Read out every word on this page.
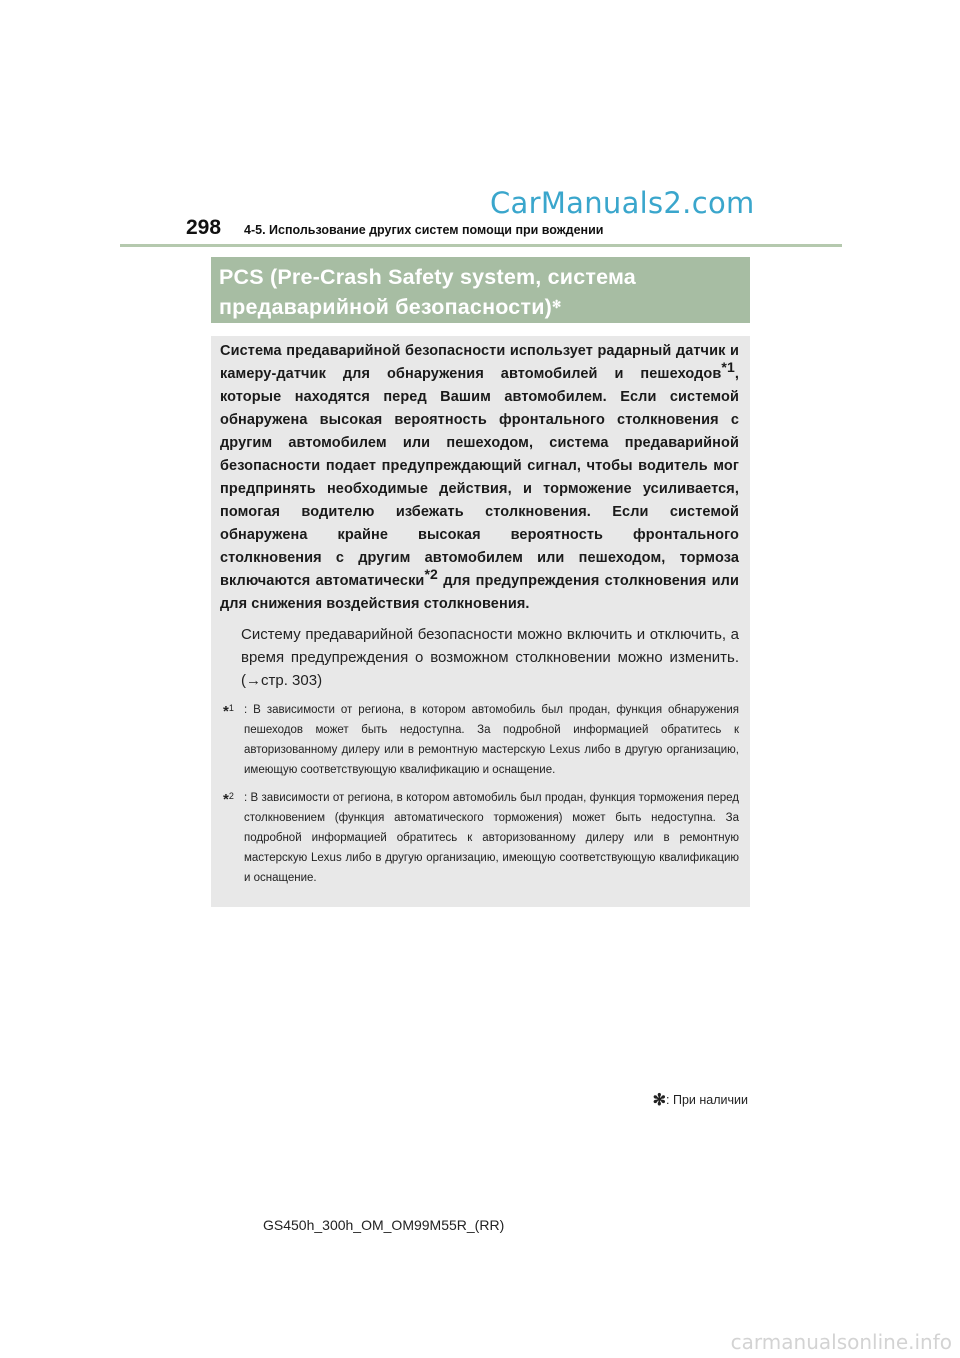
CarManuals2.com
298 4-5. Использование других систем помощи при вождении
PCS (Pre-Crash Safety system, система предаварийной безопасности)✻

Система предаварийной безопасности использует радарный датчик и камеру-датчик для обнаружения автомобилей и пешеходов*1, которые находятся перед Вашим автомобилем. Если системой обнаружена высокая вероятность фронтального столкновения с другим автомобилем или пешеходом, система предаварийной безопасности подает предупреждающий сигнал, чтобы водитель мог предпринять необходимые действия, и торможение усиливается, помогая водителю избежать столкновения. Если системой обнаружена крайне высокая вероятность фронтального столкновения с другим автомобилем или пешеходом, тормоза включаются автоматически*2 для предупреждения столкновения или для снижения воздействия столкновения.

Систему предаварийной безопасности можно включить и отключить, а время предупреждения о возможном столкновении можно изменить. (→стр. 303)

*$^1$ : В зависимости от региона, в котором автомобиль был продан, функция обнаружения пешеходов может быть недоступна. За подробной информацией обратитесь к авторизованному дилеру или в ремонтную мастерскую Lexus либо в другую организацию, имеющую соответствующую квалификацию и оснащение.
*$^2$ : В зависимости от региона, в котором автомобиль был продан, функция торможения перед столкновением (функция автоматического торможения) может быть недоступна. За подробной информацией обратитесь к авторизованному дилеру или в ремонтную мастерскую Lexus либо в другую организацию, имеющую соответствующую квалификацию и оснащение.
✻: При наличии
GS450h_300h_OM_OM99M55R_(RR)
carmanualsonline.info
